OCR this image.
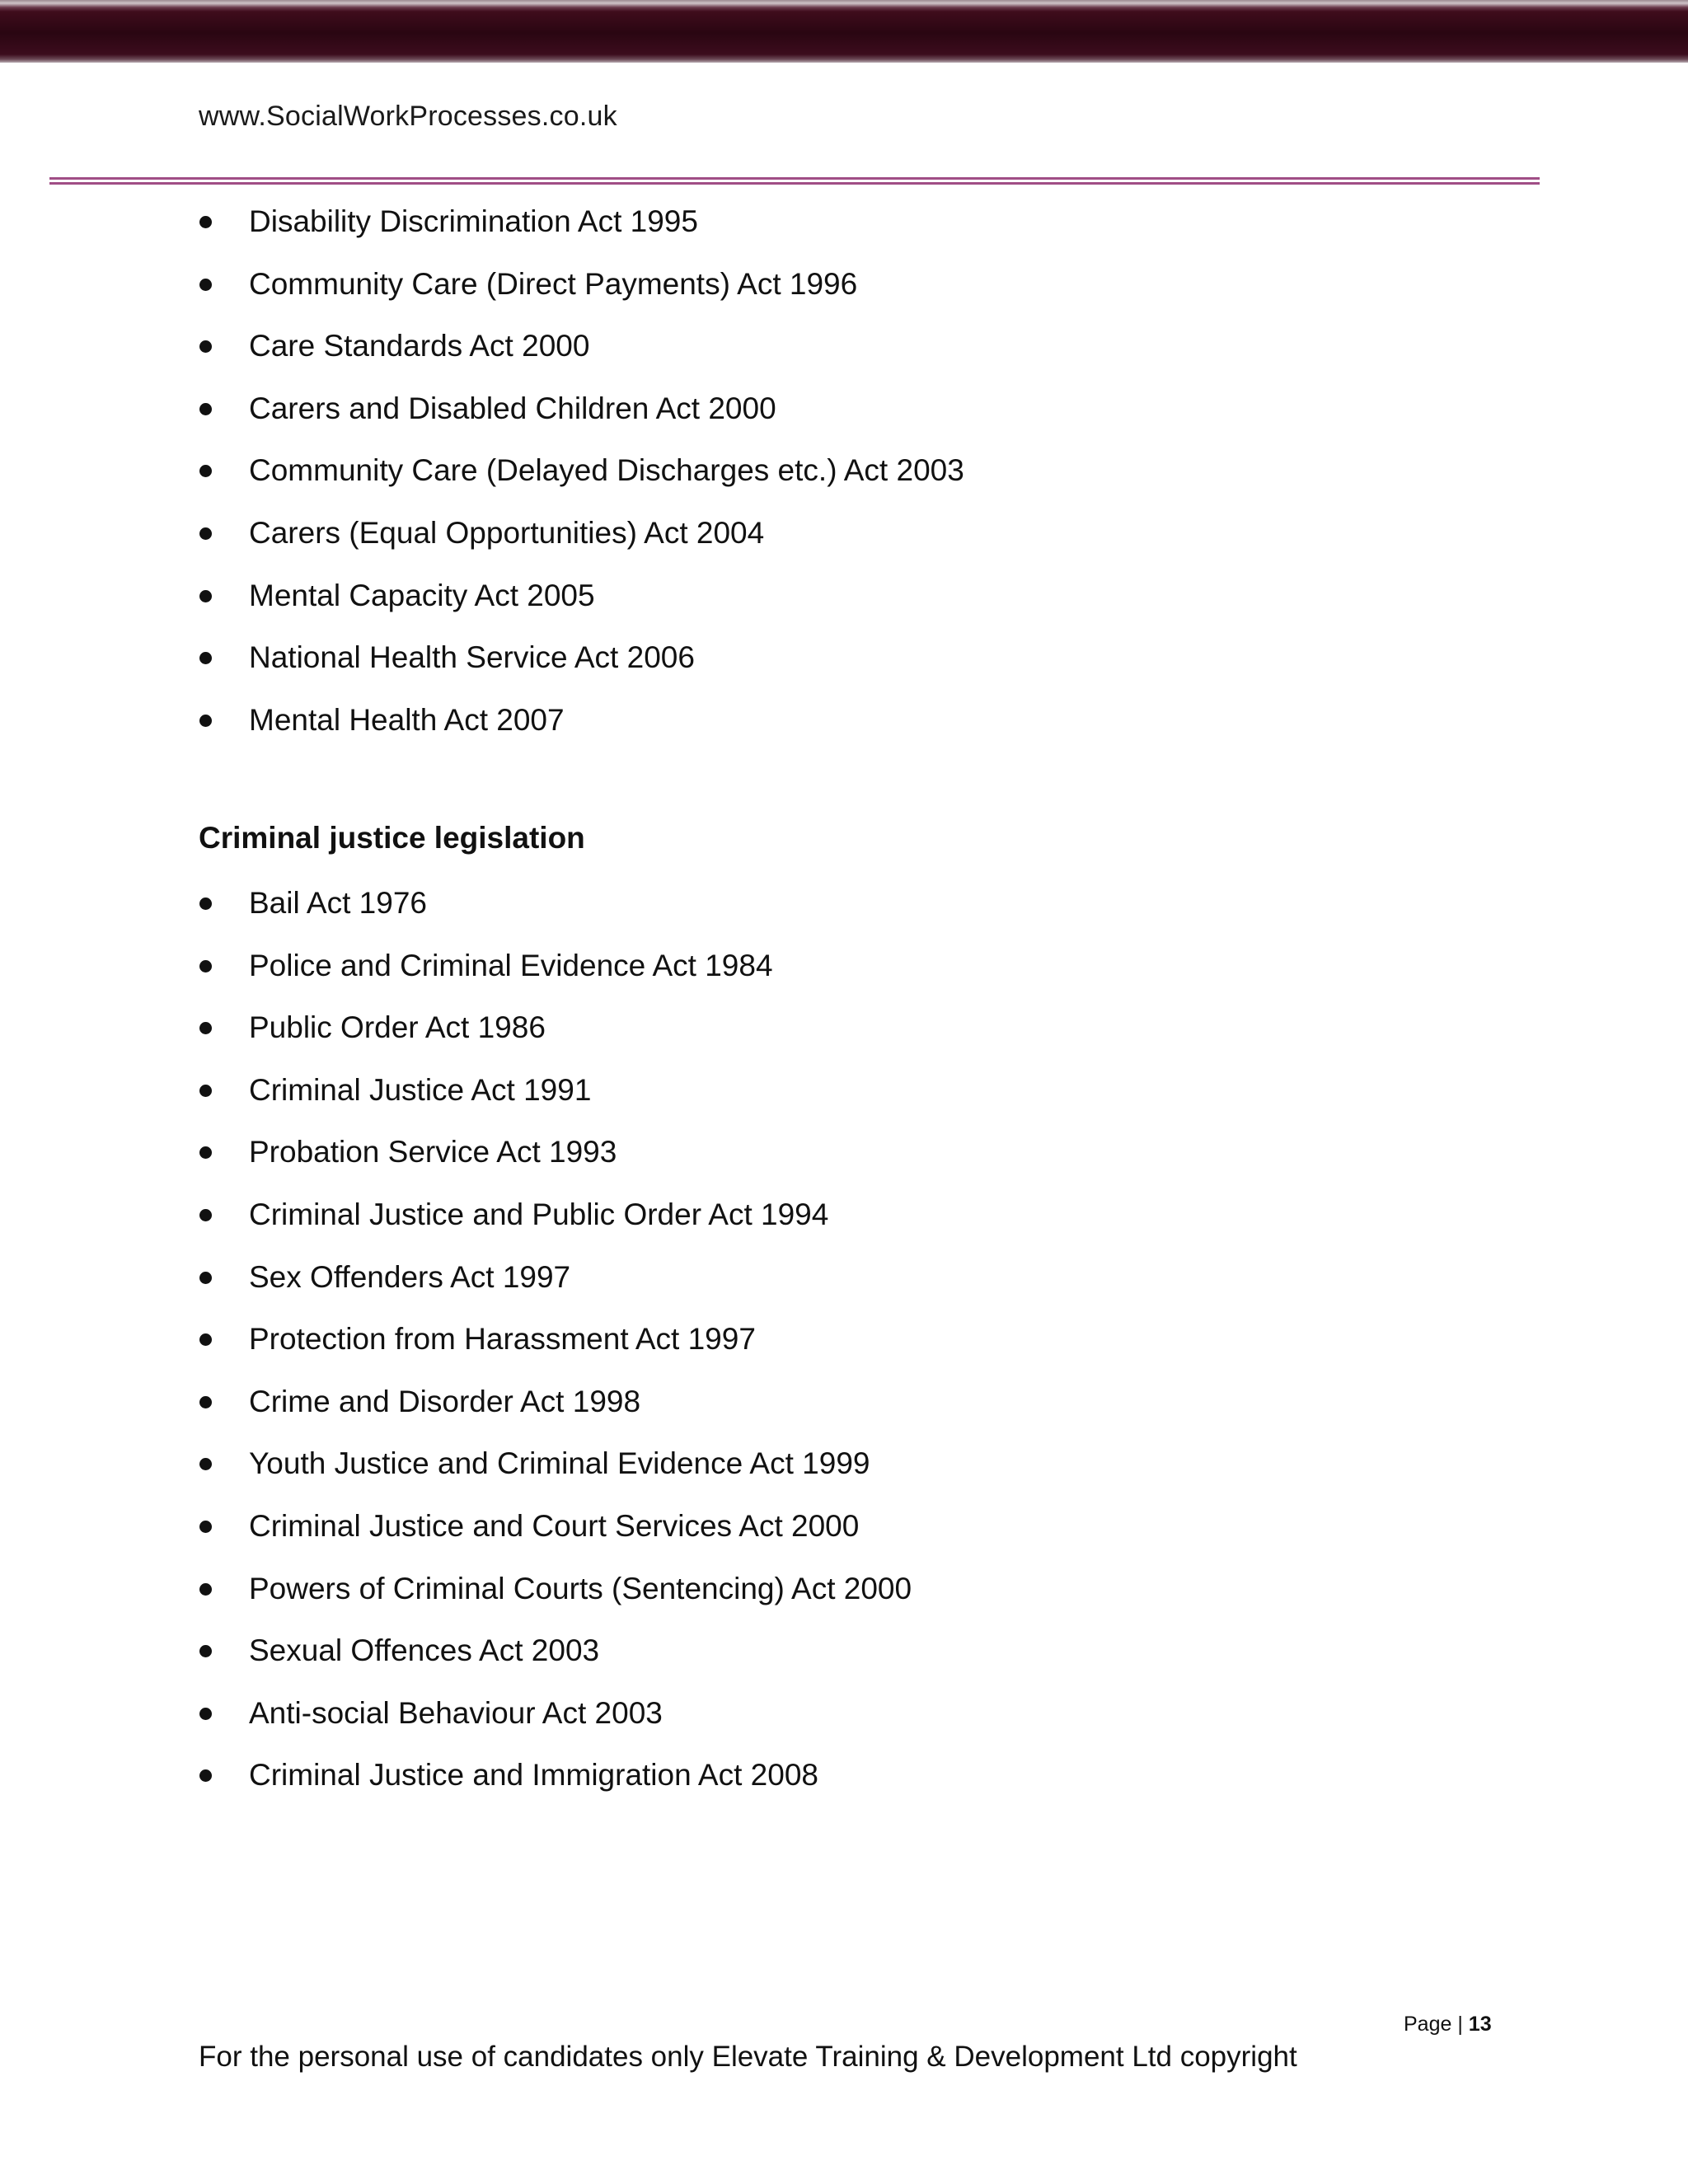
www.SocialWorkProcesses.co.uk
Disability Discrimination Act 1995
Community Care (Direct Payments) Act 1996
Care Standards Act 2000
Carers and Disabled Children Act 2000
Community Care (Delayed Discharges etc.) Act 2003
Carers (Equal Opportunities) Act 2004
Mental Capacity Act 2005
National Health Service Act 2006
Mental Health Act 2007
Criminal justice legislation
Bail Act 1976
Police and Criminal Evidence Act 1984
Public Order Act 1986
Criminal Justice Act 1991
Probation Service Act 1993
Criminal Justice and Public Order Act 1994
Sex Offenders Act 1997
Protection from Harassment Act 1997
Crime and Disorder Act 1998
Youth Justice and Criminal Evidence Act 1999
Criminal Justice and Court Services Act 2000
Powers of Criminal Courts (Sentencing) Act 2000
Sexual Offences Act 2003
Anti-social Behaviour Act 2003
Criminal Justice and Immigration Act 2008
Page | 13
For the personal use of candidates only Elevate Training & Development Ltd copyright
